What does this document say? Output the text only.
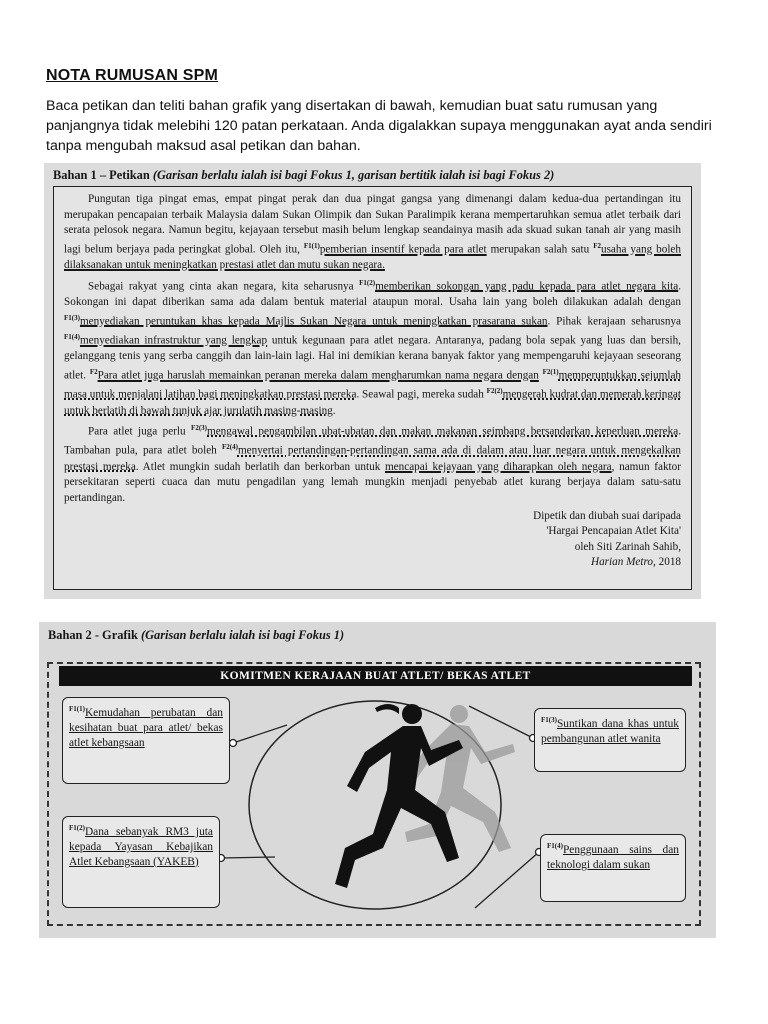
NOTA RUMUSAN SPM
Baca petikan dan teliti bahan grafik yang disertakan di bawah, kemudian buat satu rumusan yang panjangnya tidak melebihi 120 patan perkataan. Anda digalakkan supaya menggunakan ayat anda sendiri tanpa mengubah maksud asal petikan dan bahan.
Bahan 1 – Petikan (Garisan berlalu ialah isi bagi Fokus 1, garisan bertitik ialah isi bagi Fokus 2)

Pungutan tiga pingat emas, empat pingat perak dan dua pingat gangsa yang dimenangi dalam kedua-dua pertandingan itu merupakan pencapaian terbaik Malaysia dalam Sukan Olimpik dan Sukan Paralimpik kerana mempertaruhkan semua atlet terbaik dari serata pelosok negara. Namun begitu, kejayaan tersebut masih belum lengkap seandainya masih ada skuad sukan tanah air yang masih lagi belum berjaya pada peringkat global. Oleh itu, $^{F1(1)}$pemberian insentif kepada para atlet merupakan salah satu $^{F2}$usaha yang boleh dilaksanakan untuk meningkatkan prestasi atlet dan mutu sukan negara.

Sebagai rakyat yang cinta akan negara, kita seharusnya $^{F1(2)}$memberikan sokongan yang padu kepada para atlet negara kita. Sokongan ini dapat diberikan sama ada dalam bentuk material ataupun moral. Usaha lain yang boleh dilakukan adalah dengan $^{F1(3)}$menyediakan peruntukan khas kepada Majlis Sukan Negara untuk meningkatkan prasarana sukan. Pihak kerajaan seharusnya $^{F1(4)}$menyediakan infrastruktur yang lengkap untuk kegunaan para atlet negara. Antaranya, padang bola sepak yang luas dan bersih, gelanggang tenis yang serba canggih dan lain-lain lagi. Hal ini demikian kerana banyak faktor yang mempengaruhi kejayaan seseorang atlet. $^{F2}$Para atlet juga haruslah memainkan peranan mereka dalam mengharumkan nama negara dengan $^{F2(1)}$memperuntukkan sejumlah masa untuk menjalani latihan bagi meningkatkan prestasi mereka. Seawal pagi, mereka sudah $^{F2(2)}$mengerah kudrat dan memerah keringat untuk berlatih di bawah tunjuk ajar jurulatih masing-masing.

Para atlet juga perlu $^{F2(3)}$mengawal pengambilan ubat-ubatan dan makan makanan seimbang bersandarkan keperluan mereka. Tambahan pula, para atlet boleh $^{F2(4)}$menyertai pertandingan-pertandingan sama ada di dalam atau luar negara untuk mengekalkan prestasi mereka. Atlet mungkin sudah berlatih dan berkorban untuk mencapai kejayaan yang diharapkan oleh negara, namun faktor persekitaran seperti cuaca dan mutu pengadilan yang lemah mungkin menjadi penyebab atlet kurang berjaya dalam satu-satu pertandingan.

Dipetik dan diubah suai daripada
'Hargai Pencapaian Atlet Kita'
oleh Siti Zarinah Sahib,
Harian Metro, 2018
Bahan 2 - Grafik (Garisan berlalu ialah isi bagi Fokus 1)
KOMITMEN KERAJAAN BUAT ATLET/ BEKAS ATLET
$^{F1(1)}$Kemudahan perubatan dan kesihatan buat para atlet/ bekas atlet kebangsaan
$^{F1(2)}$Dana sebanyak RM3 juta kepada Yayasan Kebajikan Atlet Kebangsaan (YAKEB)
$^{F1(3)}$Suntikan dana khas untuk pembangunan atlet wanita
$^{F1(4)}$Penggunaan sains dan teknologi dalam sukan
